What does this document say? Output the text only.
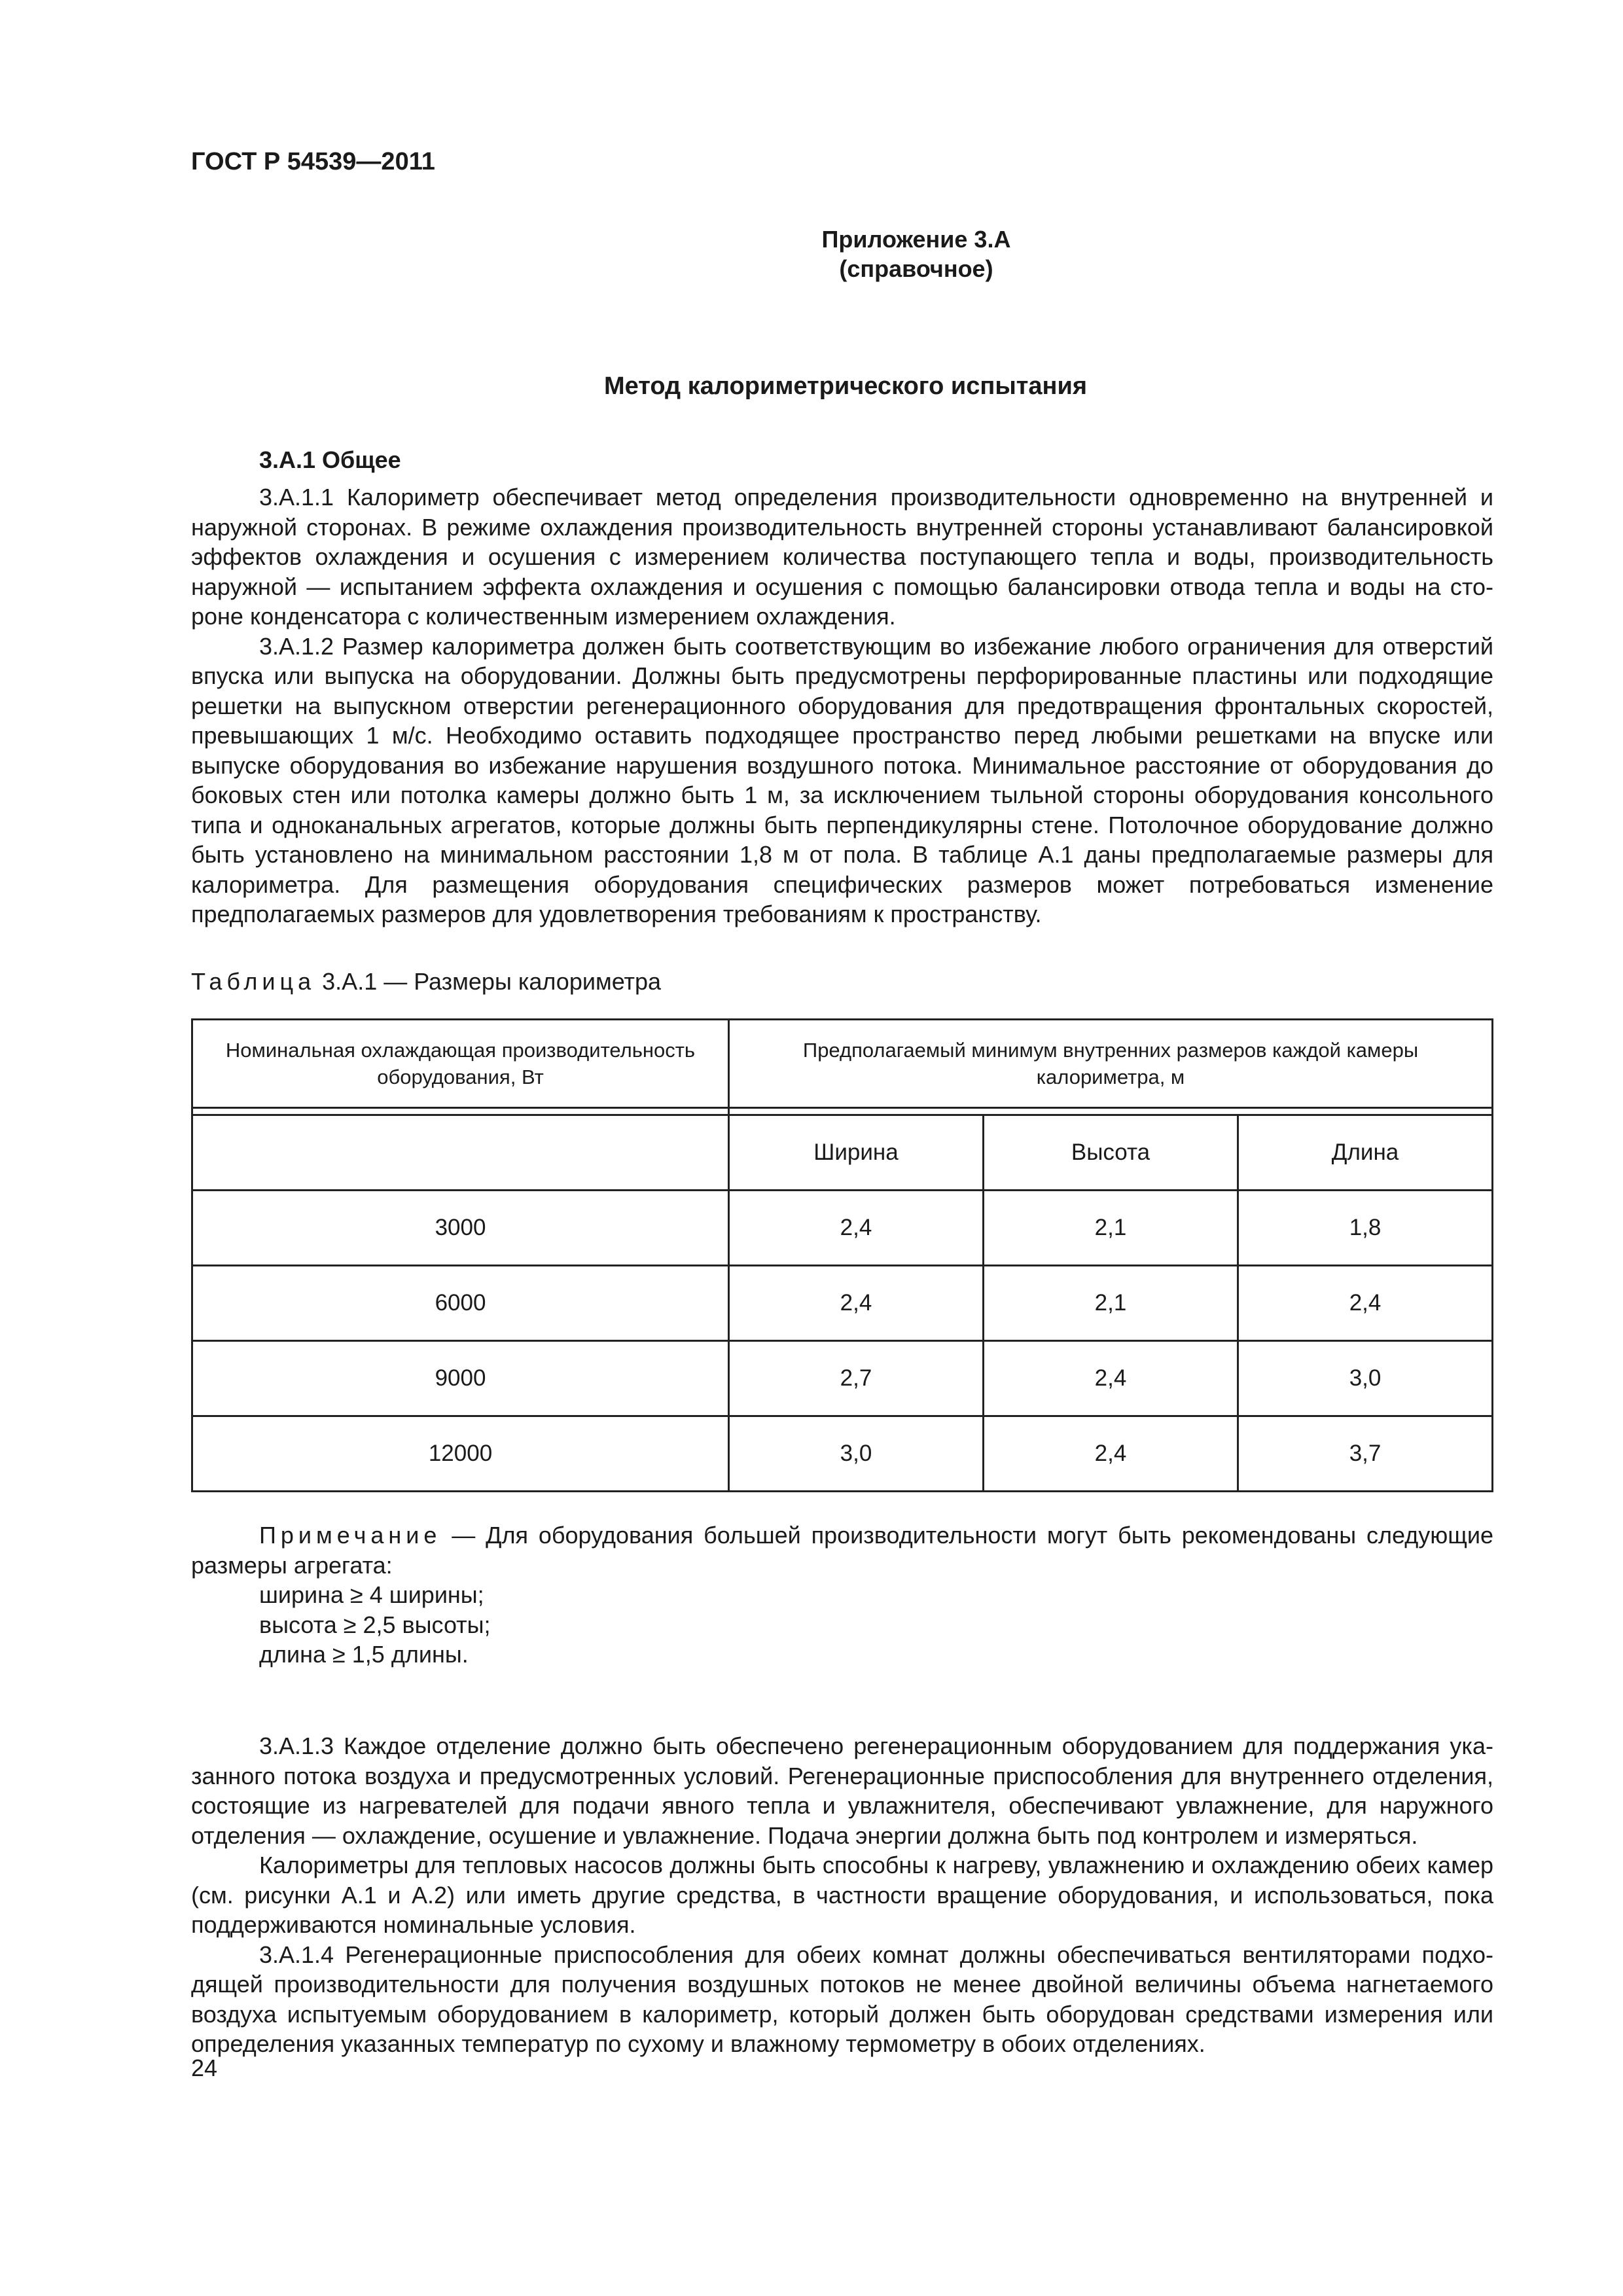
ГОСТ Р 54539—2011
Приложение 3.А
(справочное)
Метод калориметрического испытания
3.А.1 Общее

3.А.1.1 Калориметр обеспечивает метод определения производительности одновременно на внутренней и наружной сторонах. В режиме охлаждения производительность внутренней стороны устанавливают балансировкой эффектов охлаждения и осушения с измерением количества поступающего тепла и воды, производительность наружной — испытанием эффекта охлаждения и осушения с помощью балансировки отвода тепла и воды на стороне конденсатора с количественным измерением охлаждения.

3.А.1.2 Размер калориметра должен быть соответствующим во избежание любого ограничения для отверстий впуска или выпуска на оборудовании. Должны быть предусмотрены перфорированные пластины или подходящие решетки на выпускном отверстии регенерационного оборудования для предотвращения фронтальных скоростей, превышающих 1 м/с. Необходимо оставить подходящее пространство перед любыми решетками на впуске или выпуске оборудования во избежание нарушения воздушного потока. Минимальное расстояние от оборудования до боковых стен или потолка камеры должно быть 1 м, за исключением тыльной стороны оборудования консольного типа и одноканальных агрегатов, которые должны быть перпендикулярны стене. Потолочное оборудование должно быть установлено на минимальном расстоянии 1,8 м от пола. В таблице А.1 даны предполагаемые размеры для калориметра. Для размещения оборудования специфических размеров может потребоваться изменение предполагаемых размеров для удовлетворения требованиям к пространству.

Таблица 3.А.1 — Размеры калориметра
Номинальная охлаждающая производительность оборудования, Вт	Предполагаемый минимум внутренних размеров каждой камеры калориметра, м		

	Ширина	Высота	Длина
3000	2,4	2,1	1,8
6000	2,4	2,1	2,4
9000	2,7	2,4	3,0
12000	3,0	2,4	3,7

Примечание — Для оборудования большей производительности могут быть рекомендованы следующие размеры агрегата:

ширина ≥ 4 ширины;

высота ≥ 2,5 высоты;

длина ≥ 1,5 длины.

3.А.1.3 Каждое отделение должно быть обеспечено регенерационным оборудованием для поддержания указанного потока воздуха и предусмотренных условий. Регенерационные приспособления для внутреннего отделения, состоящие из нагревателей для подачи явного тепла и увлажнителя, обеспечивают увлажнение, для наружного отделения — охлаждение, осушение и увлажнение. Подача энергии должна быть под контролем и измеряться.

Калориметры для тепловых насосов должны быть способны к нагреву, увлажнению и охлаждению обеих камер (см. рисунки А.1 и А.2) или иметь другие средства, в частности вращение оборудования, и использоваться, пока поддерживаются номинальные условия.

3.А.1.4 Регенерационные приспособления для обеих комнат должны обеспечиваться вентиляторами подходящей производительности для получения воздушных потоков не менее двойной величины объема нагнетаемого воздуха испытуемым оборудованием в калориметр, который должен быть оборудован средствами измерения или определения указанных температур по сухому и влажному термометру в обоих отделениях.

24
